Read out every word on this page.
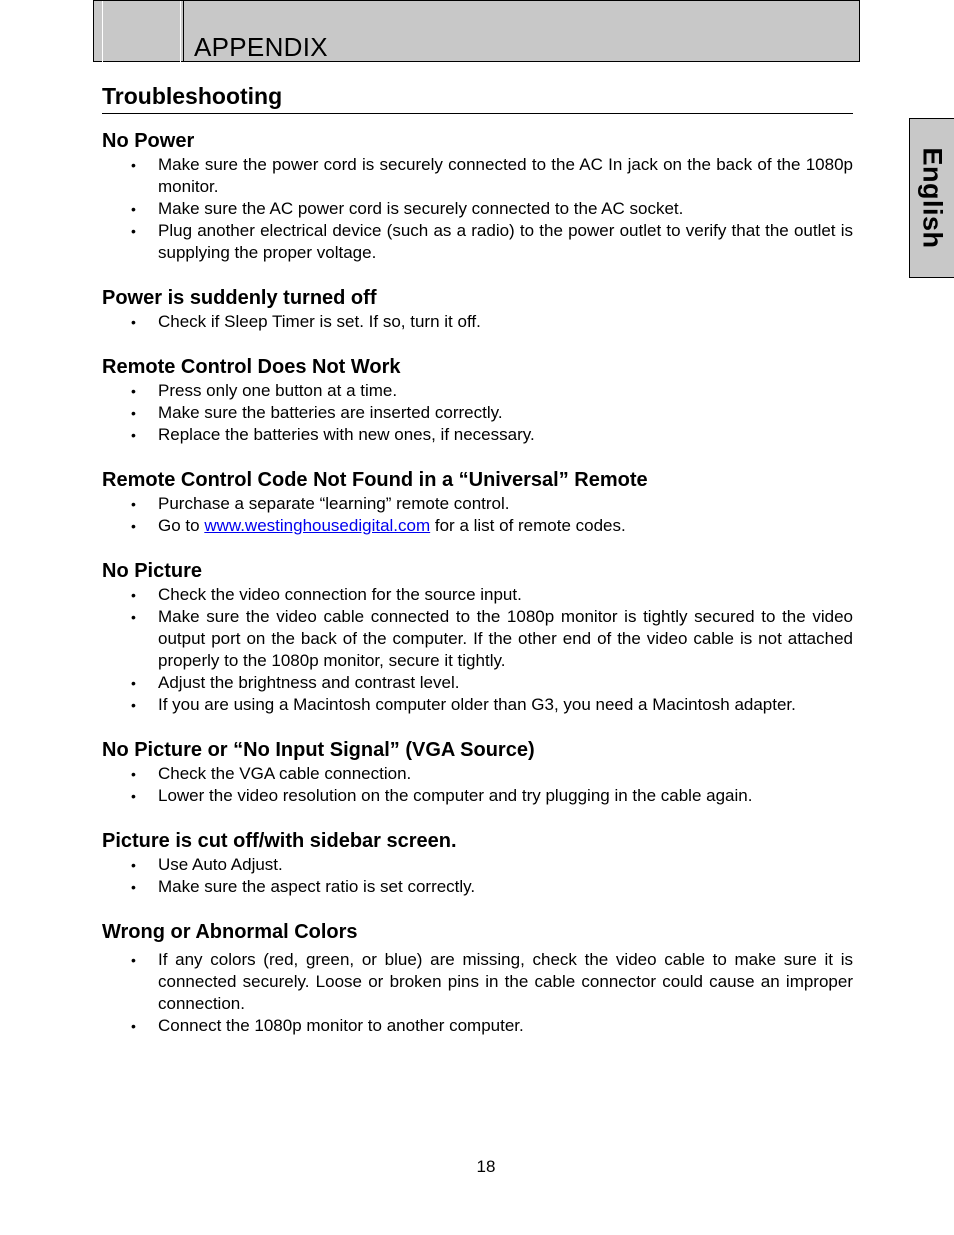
APPENDIX
English
Troubleshooting
No Power
• Make sure the power cord is securely connected to the AC In jack on the back of the 1080p monitor.
• Make sure the AC power cord is securely connected to the AC socket.
• Plug another electrical device (such as a radio) to the power outlet to verify that the outlet is supplying the proper voltage.
Power is suddenly turned off
• Check if Sleep Timer is set. If so, turn it off.
Remote Control Does Not Work
• Press only one button at a time.
• Make sure the batteries are inserted correctly.
• Replace the batteries with new ones, if necessary.
Remote Control Code Not Found in a “Universal” Remote
• Purchase a separate “learning” remote control.
• Go to www.westinghousedigital.com for a list of remote codes.
No Picture
• Check the video connection for the source input.
• Make sure the video cable connected to the 1080p monitor is tightly secured to the video output port on the back of the computer. If the other end of the video cable is not attached properly to the 1080p monitor, secure it tightly.
• Adjust the brightness and contrast level.
• If you are using a Macintosh computer older than G3, you need a Macintosh adapter.
No Picture or “No Input Signal” (VGA Source)
• Check the VGA cable connection.
• Lower the video resolution on the computer and try plugging in the cable again.
Picture is cut off/with sidebar screen.
• Use Auto Adjust.
• Make sure the aspect ratio is set correctly.
Wrong or Abnormal Colors
• If any colors (red, green, or blue) are missing, check the video cable to make sure it is connected securely. Loose or broken pins in the cable connector could cause an improper connection.
• Connect the 1080p monitor to another computer.
18
